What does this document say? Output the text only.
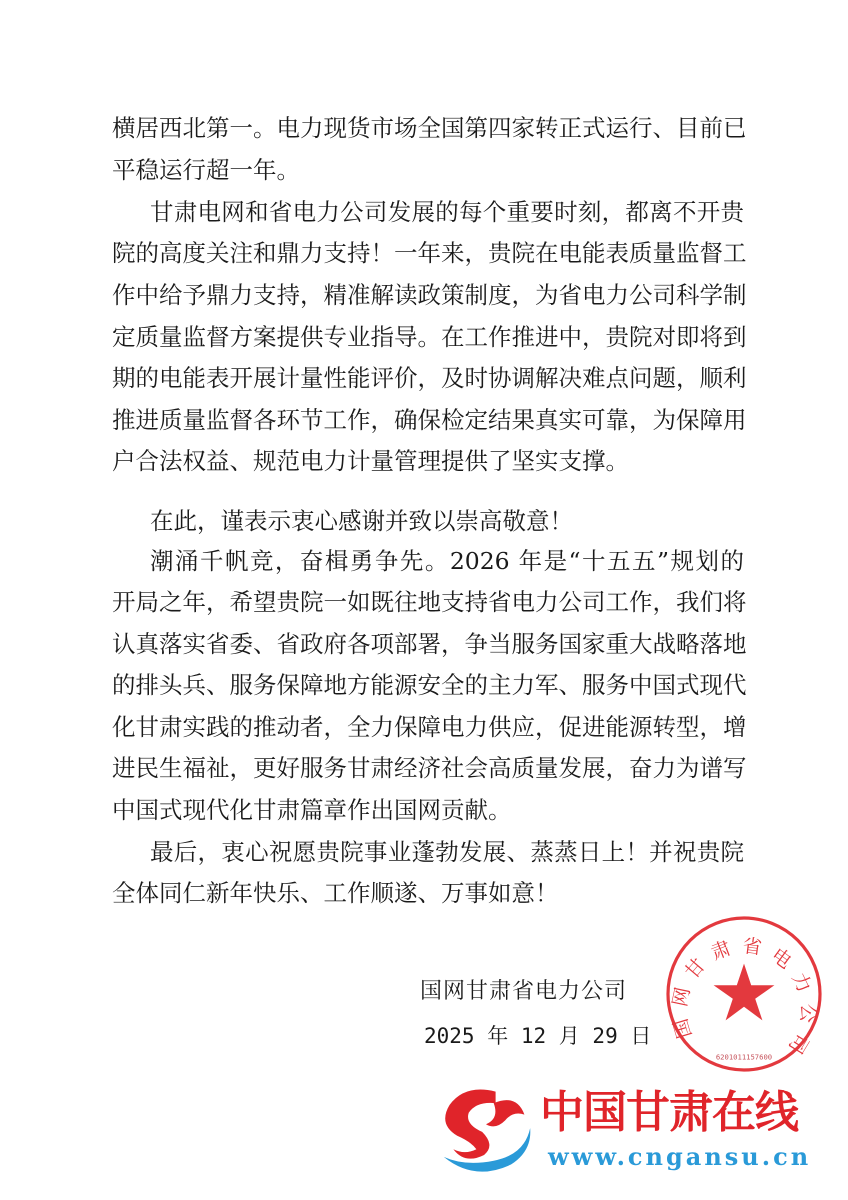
横居西北第一。电力现货市场全国第四家转正式运行、目前已
平稳运行超一年。
甘肃电网和省电力公司发展的每个重要时刻，都离不开贵
院的高度关注和鼎力支持！一年来，贵院在电能表质量监督工
作中给予鼎力支持，精准解读政策制度，为省电力公司科学制
定质量监督方案提供专业指导。在工作推进中，贵院对即将到
期的电能表开展计量性能评价，及时协调解决难点问题，顺利
推进质量监督各环节工作，确保检定结果真实可靠，为保障用
户合法权益、规范电力计量管理提供了坚实支撑。
在此，谨表示衷心感谢并致以崇高敬意！
潮涌千帆竞，奋楫勇争先。2026 年是“十五五”规划的
开局之年，希望贵院一如既往地支持省电力公司工作，我们将
认真落实省委、省政府各项部署，争当服务国家重大战略落地
的排头兵、服务保障地方能源安全的主力军、服务中国式现代
化甘肃实践的推动者，全力保障电力供应，促进能源转型，增
进民生福祉，更好服务甘肃经济社会高质量发展，奋力为谱写
中国式现代化甘肃篇章作出国网贡献。
最后，衷心祝愿贵院事业蓬勃发展、蒸蒸日上！并祝贵院
全体同仁新年快乐、工作顺遂、万事如意！
国网甘肃省电力公司
2025 年 12 月 29 日 国网甘肃省电力公司
6201011157600
中国甘肃在线
www.cngansu.cn
